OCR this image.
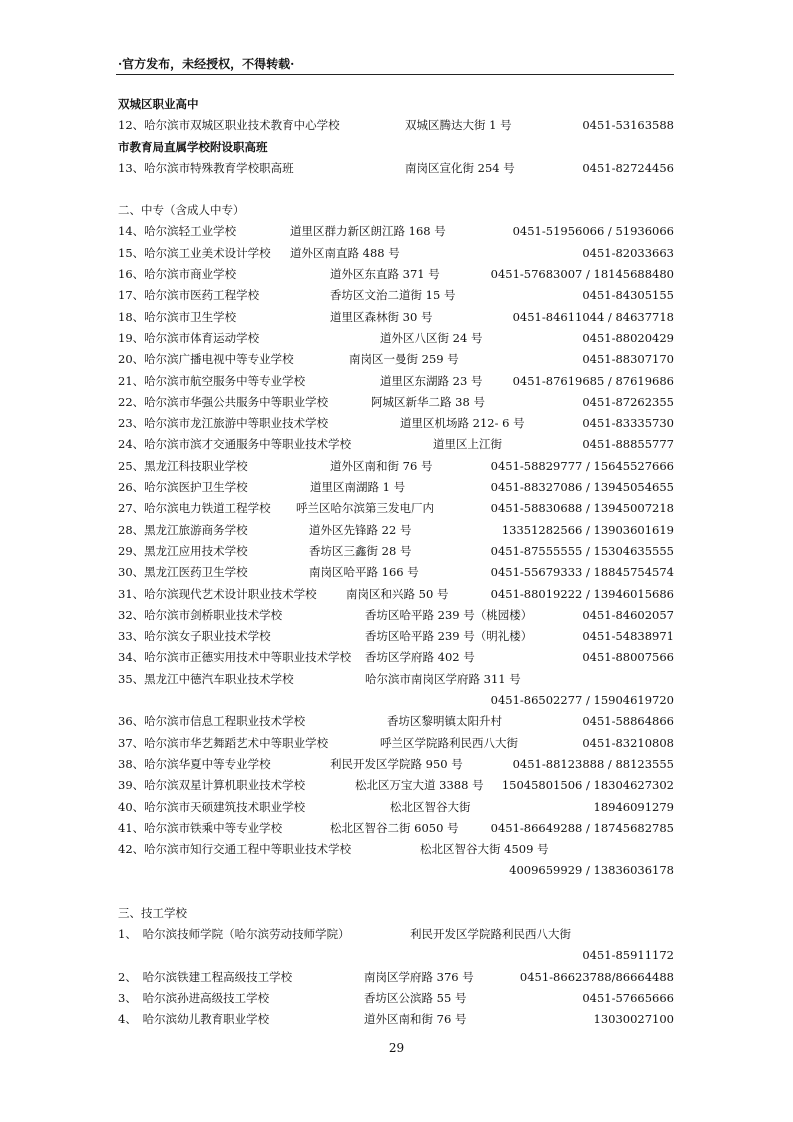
·官方发布，未经授权，不得转载·
双城区职业高中
12、哈尔滨市双城区职业技术教育中心学校	双城区腾达大街 1 号	0451-53163588
市教育局直属学校附设职高班
13、哈尔滨市特殊教育学校职高班	南岗区宣化街 254 号	0451-82724456
二、中专（含成人中专）
14、哈尔滨轻工业学校	道里区群力新区朗江路 168 号	0451-51956066 / 51936066
15、哈尔滨工业美术设计学校 道外区南直路 488 号	0451-82033663
16、哈尔滨市商业学校	道外区东直路 371 号	0451-57683007 / 18145688480
17、哈尔滨市医药工程学校	香坊区文治二道街 15 号	0451-84305155
18、哈尔滨市卫生学校	道里区森林街 30 号	0451-84611044 / 84637718
19、哈尔滨市体育运动学校	道外区八区街 24 号	0451-88020429
20、哈尔滨广播电视中等专业学校	南岗区一曼街 259 号	0451-88307170
21、哈尔滨市航空服务中等专业学校	道里区东湖路 23 号	0451-87619685 / 87619686
22、哈尔滨市华强公共服务中等职业学校	阿城区新华二路 38 号	0451-87262355
23、哈尔滨市龙江旅游中等职业技术学校	道里区机场路 212- 6 号	0451-83335730
24、哈尔滨市滨才交通服务中等职业技术学校	道里区上江街	0451-88855777
25、黑龙江科技职业学校	道外区南和街 76 号	0451-58829777 / 15645527666
26、哈尔滨医护卫生学校	道里区南湖路 1 号	0451-88327086 / 13945054655
27、哈尔滨电力铁道工程学校 呼兰区哈尔滨第三发电厂内	0451-58830688 / 13945007218
28、黑龙江旅游商务学校	道外区先锋路 22 号	13351282566 / 13903601619
29、黑龙江应用技术学校	香坊区三鑫街 28 号	0451-87555555 / 15304635555
30、黑龙江医药卫生学校	南岗区哈平路 166 号	0451-55679333 / 18845754574
31、哈尔滨现代艺术设计职业技术学校	南岗区和兴路 50 号	0451-88019222 / 13946015686
32、哈尔滨市剑桥职业技术学校	香坊区哈平路 239 号（桃园楼）	0451-84602057
33、哈尔滨女子职业技术学校	香坊区哈平路 239 号（明礼楼）	0451-54838971
34、哈尔滨市正德实用技术中等职业技术学校 香坊区学府路 402 号	0451-88007566
35、黑龙江中德汽车职业技术学校	哈尔滨市南岗区学府路 311 号
0451-86502277 / 15904619720
36、哈尔滨市信息工程职业技术学校	香坊区黎明镇太阳升村	0451-58864866
37、哈尔滨市华艺舞蹈艺术中等职业学校	呼兰区学院路利民西八大街	0451-83210808
38、哈尔滨华夏中等专业学校	利民开发区学院路 950 号	0451-88123888 / 88123555
39、哈尔滨双星计算机职业技术学校	松北区万宝大道 3388 号 15045801506 / 18304627302
40、哈尔滨市天硕建筑技术职业学校	松北区智谷大街	18946091279
41、哈尔滨市铁乘中等专业学校	松北区智谷二街 6050 号	0451-86649288 / 18745682785
42、哈尔滨市知行交通工程中等职业技术学校	松北区智谷大街 4509 号
4009659929 / 13836036178
三、技工学校
1、　哈尔滨技师学院（哈尔滨劳动技师学院）	利民开发区学院路利民西八大街
0451-85911172
2、　哈尔滨铁建工程高级技工学校	南岗区学府路 376 号	0451-86623788/86664488
3、　哈尔滨孙进高级技工学校	香坊区公滨路 55 号	0451-57665666
4、　哈尔滨幼儿教育职业学校	道外区南和街 76 号	13030027100
29
